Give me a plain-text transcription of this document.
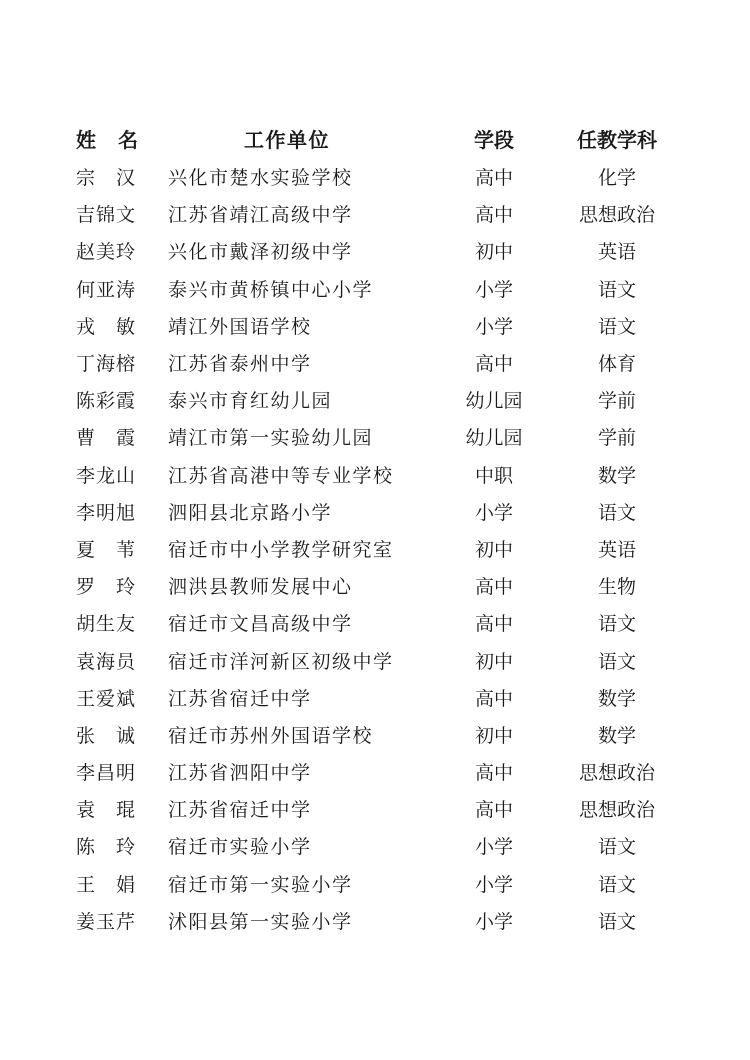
姓　名	工作单位	学段	任教学科
宗　汉	兴化市楚水实验学校	高中	化学
吉锦文	江苏省靖江高级中学	高中	思想政治
赵美玲	兴化市戴泽初级中学	初中	英语
何亚涛	泰兴市黄桥镇中心小学	小学	语文
戎　敏	靖江外国语学校	小学	语文
丁海榕	江苏省泰州中学	高中	体育
陈彩霞	泰兴市育红幼儿园	幼儿园	学前
曹　霞	靖江市第一实验幼儿园	幼儿园	学前
李龙山	江苏省高港中等专业学校	中职	数学
李明旭	泗阳县北京路小学	小学	语文
夏　苇	宿迁市中小学教学研究室	初中	英语
罗　玲	泗洪县教师发展中心	高中	生物
胡生友	宿迁市文昌高级中学	高中	语文
袁海员	宿迁市洋河新区初级中学	初中	语文
王爱斌	江苏省宿迁中学	高中	数学
张　诚	宿迁市苏州外国语学校	初中	数学
李昌明	江苏省泗阳中学	高中	思想政治
袁　琨	江苏省宿迁中学	高中	思想政治
陈　玲	宿迁市实验小学	小学	语文
王　娟	宿迁市第一实验小学	小学	语文
姜玉芹	沭阳县第一实验小学	小学	语文
